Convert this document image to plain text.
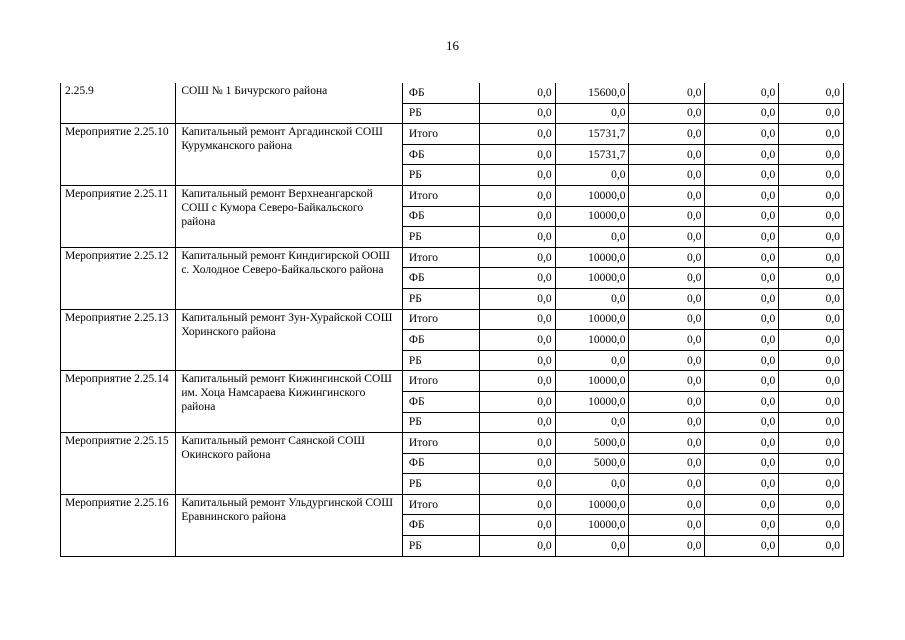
16
2.25.9	СОШ № 1 Бичурского района	ФБ	0,0	15600,0	0,0	0,0	0,0
		РБ	0,0	0,0	0,0	0,0	0,0
Мероприятие 2.25.10	Капитальный ремонт Аргадинской СОШ Курумканского района	Итого	0,0	15731,7	0,0	0,0	0,0
		ФБ	0,0	15731,7	0,0	0,0	0,0
		РБ	0,0	0,0	0,0	0,0	0,0
Мероприятие 2.25.11	Капитальный ремонт Верхнеангарской СОШ с Кумора Северо-Байкальского района	Итого	0,0	10000,0	0,0	0,0	0,0
		ФБ	0,0	10000,0	0,0	0,0	0,0
		РБ	0,0	0,0	0,0	0,0	0,0
Мероприятие 2.25.12	Капитальный ремонт Киндигирской ООШ с. Холодное Северо-Байкальского района	Итого	0,0	10000,0	0,0	0,0	0,0
		ФБ	0,0	10000,0	0,0	0,0	0,0
		РБ	0,0	0,0	0,0	0,0	0,0
Мероприятие 2.25.13	Капитальный ремонт Зун-Хурайской СОШ Хоринского района	Итого	0,0	10000,0	0,0	0,0	0,0
		ФБ	0,0	10000,0	0,0	0,0	0,0
		РБ	0,0	0,0	0,0	0,0	0,0
Мероприятие 2.25.14	Капитальный ремонт Кижингинской СОШ им. Хоца Намсараева Кижингинского района	Итого	0,0	10000,0	0,0	0,0	0,0
		ФБ	0,0	10000,0	0,0	0,0	0,0
		РБ	0,0	0,0	0,0	0,0	0,0
Мероприятие 2.25.15	Капитальный ремонт Саянской СОШ Окинского района	Итого	0,0	5000,0	0,0	0,0	0,0
		ФБ	0,0	5000,0	0,0	0,0	0,0
		РБ	0,0	0,0	0,0	0,0	0,0
Мероприятие 2.25.16	Капитальный ремонт Ульдургинской СОШ Еравнинского района	Итого	0,0	10000,0	0,0	0,0	0,0
		ФБ	0,0	10000,0	0,0	0,0	0,0
		РБ	0,0	0,0	0,0	0,0	0,0
